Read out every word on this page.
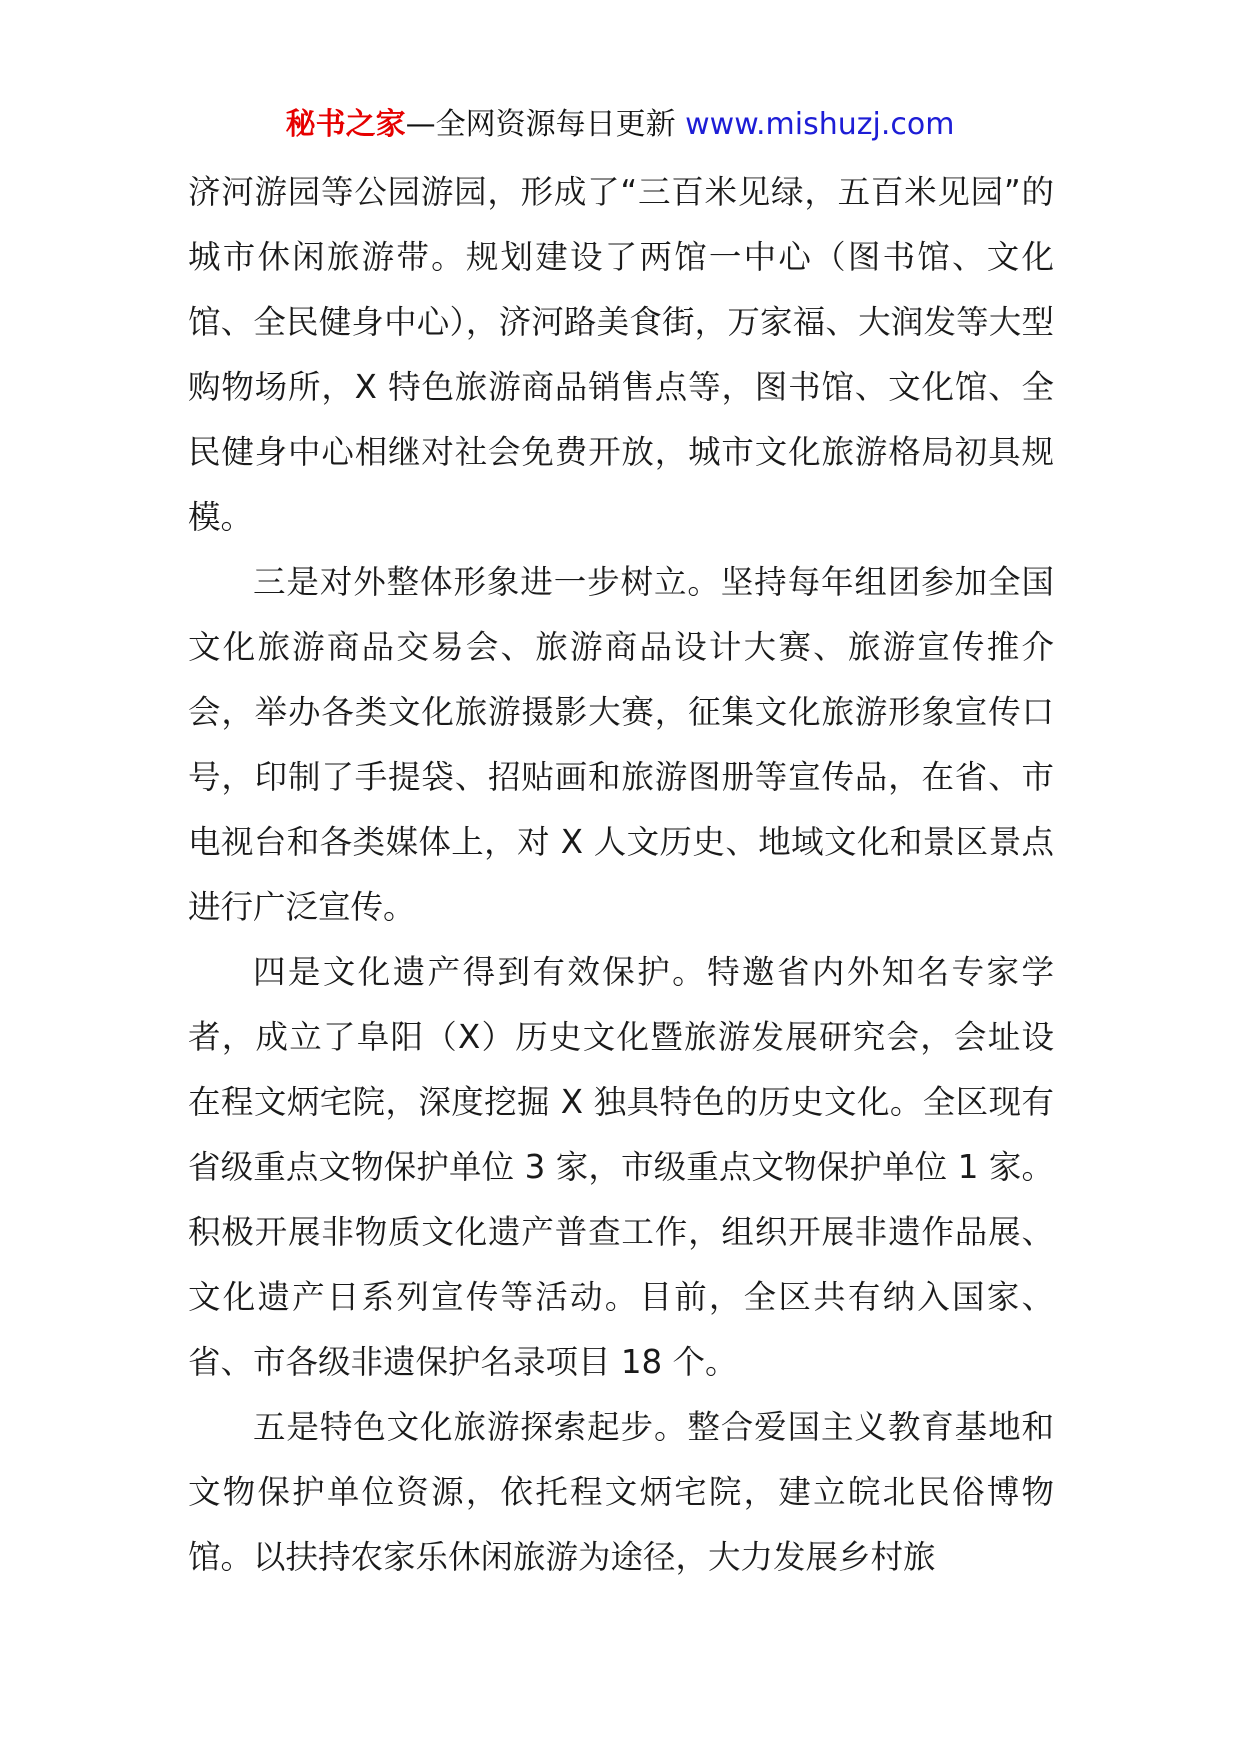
秘书之家—全网资源每日更新 www.mishuzj.com

济河游园等公园游园，形成了“三百米见绿，五百米见园”的城市休闲旅游带。规划建设了两馆一中心（图书馆、文化馆、全民健身中心），济河路美食街，万家福、大润发等大型购物场所，X 特色旅游商品销售点等，图书馆、文化馆、全民健身中心相继对社会免费开放，城市文化旅游格局初具规模。

三是对外整体形象进一步树立。坚持每年组团参加全国文化旅游商品交易会、旅游商品设计大赛、旅游宣传推介会，举办各类文化旅游摄影大赛，征集文化旅游形象宣传口号，印制了手提袋、招贴画和旅游图册等宣传品，在省、市电视台和各类媒体上，对 X 人文历史、地域文化和景区景点进行广泛宣传。

四是文化遗产得到有效保护。特邀省内外知名专家学者，成立了阜阳（X）历史文化暨旅游发展研究会，会址设在程文炳宅院，深度挖掘 X 独具特色的历史文化。全区现有省级重点文物保护单位 3 家，市级重点文物保护单位 1 家。积极开展非物质文化遗产普查工作，组织开展非遗作品展、文化遗产日系列宣传等活动。目前，全区共有纳入国家、省、市各级非遗保护名录项目 18 个。

五是特色文化旅游探索起步。整合爱国主义教育基地和文物保护单位资源，依托程文炳宅院，建立皖北民俗博物馆。以扶持农家乐休闲旅游为途径，大力发展乡村旅
